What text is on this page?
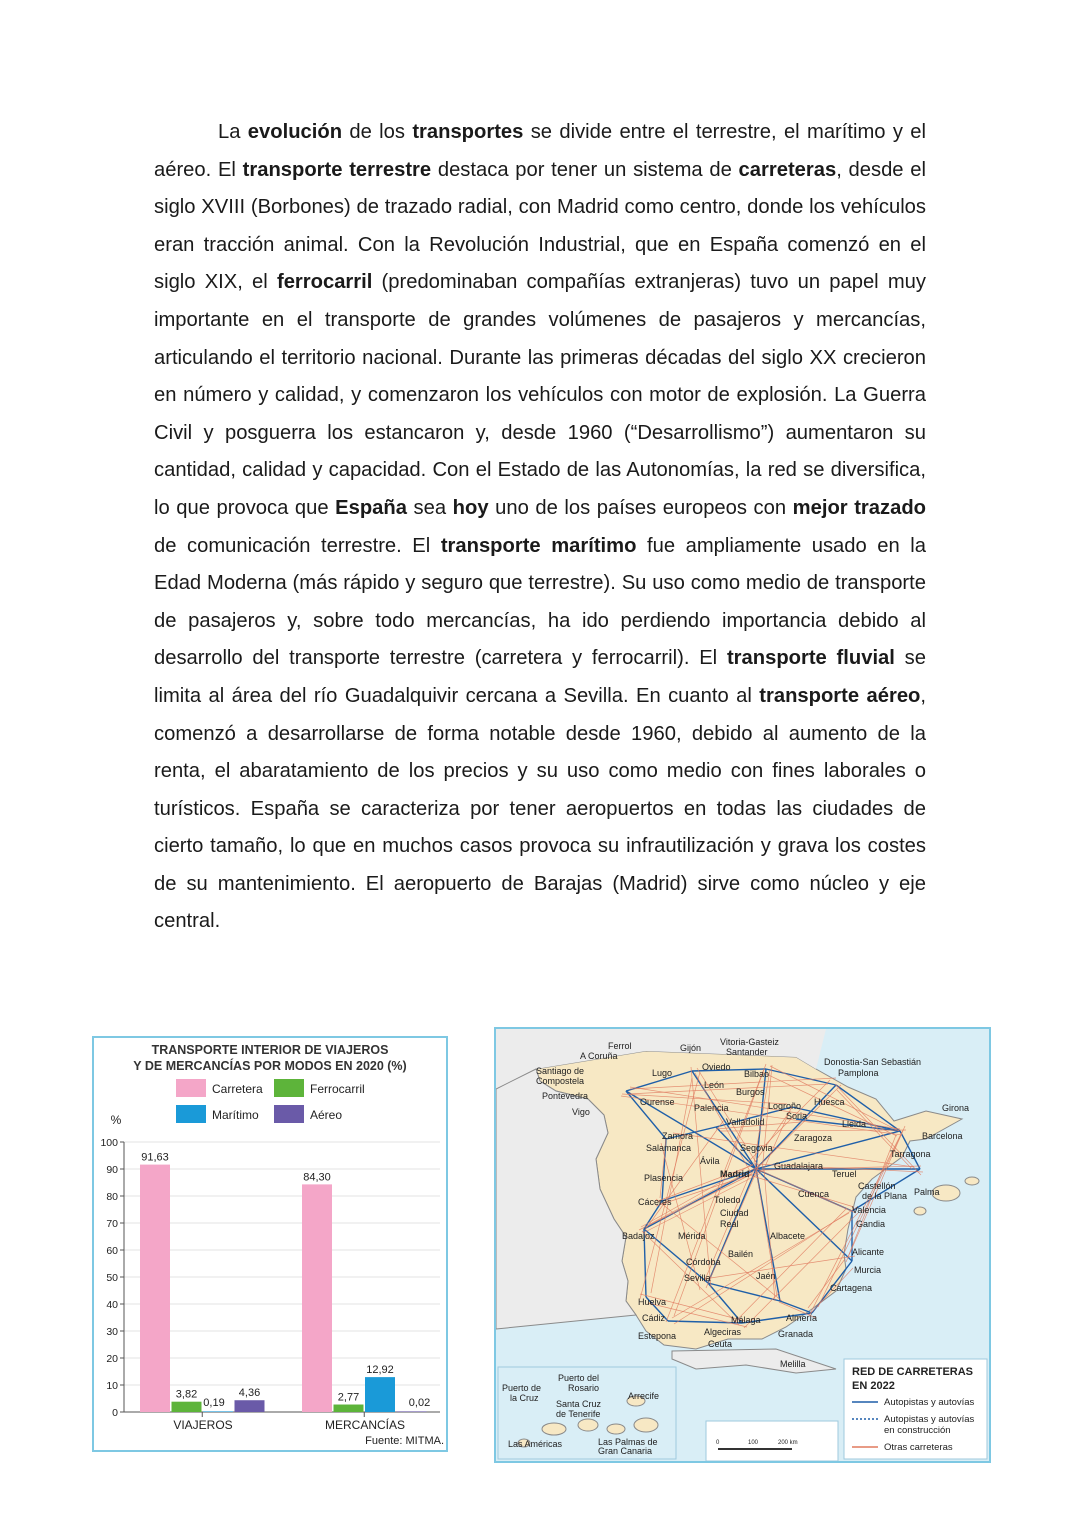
La evolución de los transportes se divide entre el terrestre, el marítimo y el aéreo. El transporte terrestre destaca por tener un sistema de carreteras, desde el siglo XVIII (Borbones) de trazado radial, con Madrid como centro, donde los vehículos eran tracción animal. Con la Revolución Industrial, que en España comenzó en el siglo XIX, el ferrocarril (predominaban compañías extranjeras) tuvo un papel muy importante en el transporte de grandes volúmenes de pasajeros y mercancías, articulando el territorio nacional. Durante las primeras décadas del siglo XX crecieron en número y calidad, y comenzaron los vehículos con motor de explosión. La Guerra Civil y posguerra los estancaron y, desde 1960 (“Desarrollismo”) aumentaron su cantidad, calidad y capacidad. Con el Estado de las Autonomías, la red se diversifica, lo que provoca que España sea hoy uno de los países europeos con mejor trazado de comunicación terrestre. El transporte marítimo fue ampliamente usado en la Edad Moderna (más rápido y seguro que terrestre). Su uso como medio de transporte de pasajeros y, sobre todo mercancías, ha ido perdiendo importancia debido al desarrollo del transporte terrestre (carretera y ferrocarril). El transporte fluvial se limita al área del río Guadalquivir cercana a Sevilla. En cuanto al transporte aéreo, comenzó a desarrollarse de forma notable desde 1960, debido al aumento de la renta, el abaratamiento de los precios y su uso como medio con fines laborales o turísticos. España se caracteriza por tener aeropuertos en todas las ciudades de cierto tamaño, lo que en muchos casos provoca su infrautilización y grava los costes de su mantenimiento. El aeropuerto de Barajas (Madrid) sirve como núcleo y eje central.

TRANSPORTE INTERIOR DE VIAJEROS
Y DE MERCANCÍAS POR MODOS EN 2020 (%)
Carretera	Ferrocarril
Marítimo	Aéreo
%
0
10
20
30
40
50
60
70
80
90
100
91,63
3,82
0,19
4,36
VIAJEROS
84,30
2,77
12,92
0,02
MERCANCÍAS
Fuente: MITMA.
Ferrol
A Coruña
Gijón
Vitoria-Gasteiz
Santander
Donostia-San Sebastián
Pamplona
Santiago de
Compostela
Lugo
Oviedo
Bilbao
Pontevedra
León
Burgos
Vigo
Ourense
Palencia	Logroño Huesca
Soria
Girona
Valladolid	Lleida
Zamora	Zaragoza	Barcelona
Salamanca	Segovia
Tarragona
Ávila	Guadalajara
Madrid	Teruel
Plasencia
Castellón
de la Plana Palma
Toledo
Cuenca
Cáceres
Valencia
Ciudad
Real
Badajoz	Mérida	Albacete
Gandia
Bailén	Alicante
Córdoba
Jaén
Murcia
Sevilla
Cartagena
Huelva
Almería
Cádiz	Málaga
Granada
Estepona	Algeciras
Ceuta
Melilla
Puerto del
Rosario
Puerto de
la Cruz	Arrecife
Santa Cruz
de Tenerife
Las Américas	Las Palmas de
Gran Canaria
0	100	200 km
RED DE CARRETERAS
EN 2022
Autopistas y autovías
Autopistas y autovías
en construcción
Otras carreteras
